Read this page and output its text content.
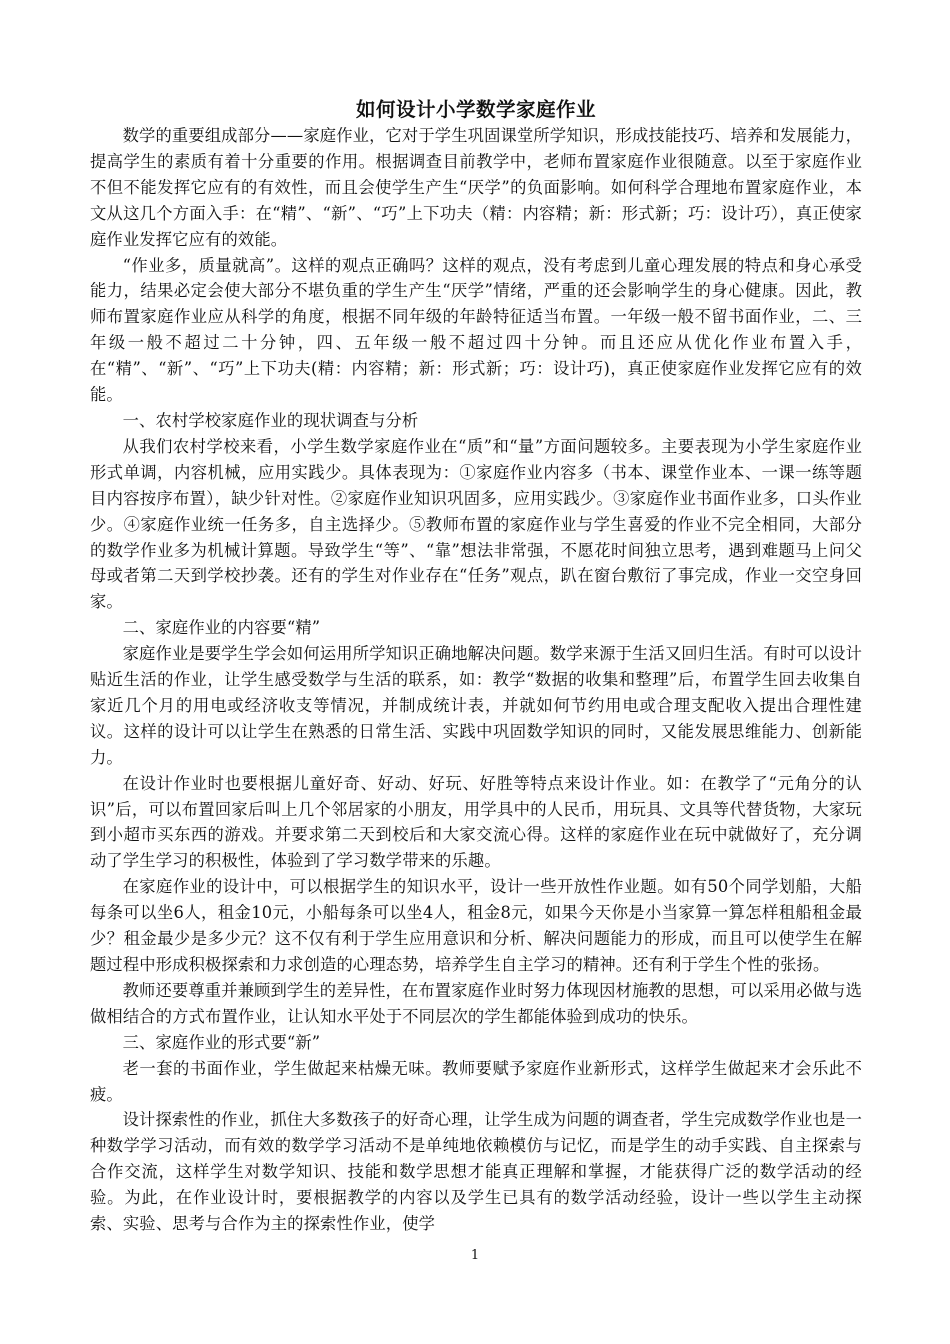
如何设计小学数学家庭作业

数学的重要组成部分——家庭作业，它对于学生巩固课堂所学知识，形成技能技巧、培养和发展能力，提高学生的素质有着十分重要的作用。根据调查目前教学中，老师布置家庭作业很随意。以至于家庭作业不但不能发挥它应有的有效性，而且会使学生产生“厌学”的负面影响。如何科学合理地布置家庭作业，本文从这几个方面入手：在“精”、“新”、“巧”上下功夫（精：内容精；新：形式新；巧：设计巧），真正使家庭作业发挥它应有的效能。

“作业多，质量就高”。这样的观点正确吗？这样的观点，没有考虑到儿童心理发展的特点和身心承受能力，结果必定会使大部分不堪负重的学生产生“厌学”情绪，严重的还会影响学生的身心健康。因此，教师布置家庭作业应从科学的角度，根据不同年级的年龄特征适当布置。一年级一般不留书面作业，二、三年级一般不超过二十分钟，四、五年级一般不超过四十分钟。而且还应从优化作业布置入手，在“精”、“新”、“巧”上下功夫(精：内容精；新：形式新；巧：设计巧)，真正使家庭作业发挥它应有的效能。

一、农村学校家庭作业的现状调查与分析

从我们农村学校来看，小学生数学家庭作业在“质”和“量”方面问题较多。主要表现为小学生家庭作业形式单调，内容机械，应用实践少。具体表现为：①家庭作业内容多（书本、课堂作业本、一课一练等题目内容按序布置），缺少针对性。②家庭作业知识巩固多，应用实践少。③家庭作业书面作业多，口头作业少。④家庭作业统一任务多，自主选择少。⑤教师布置的家庭作业与学生喜爱的作业不完全相同，大部分的数学作业多为机械计算题。导致学生“等”、“靠”想法非常强，不愿花时间独立思考，遇到难题马上问父母或者第二天到学校抄袭。还有的学生对作业存在“任务”观点，趴在窗台敷衍了事完成，作业一交空身回家。

二、家庭作业的内容要“精”

家庭作业是要学生学会如何运用所学知识正确地解决问题。数学来源于生活又回归生活。有时可以设计贴近生活的作业，让学生感受数学与生活的联系，如：教学“数据的收集和整理”后，布置学生回去收集自家近几个月的用电或经济收支等情况，并制成统计表，并就如何节约用电或合理支配收入提出合理性建议。这样的设计可以让学生在熟悉的日常生活、实践中巩固数学知识的同时，又能发展思维能力、创新能力。

在设计作业时也要根据儿童好奇、好动、好玩、好胜等特点来设计作业。如：在教学了“元角分的认识”后，可以布置回家后叫上几个邻居家的小朋友，用学具中的人民币，用玩具、文具等代替货物，大家玩到小超市买东西的游戏。并要求第二天到校后和大家交流心得。这样的家庭作业在玩中就做好了，充分调动了学生学习的积极性，体验到了学习数学带来的乐趣。

在家庭作业的设计中，可以根据学生的知识水平，设计一些开放性作业题。如有50个同学划船，大船每条可以坐6人，租金10元，小船每条可以坐4人，租金8元，如果今天你是小当家算一算怎样租船租金最少？租金最少是多少元？这不仅有利于学生应用意识和分析、解决问题能力的形成，而且可以使学生在解题过程中形成积极探索和力求创造的心理态势，培养学生自主学习的精神。还有利于学生个性的张扬。

教师还要尊重并兼顾到学生的差异性，在布置家庭作业时努力体现因材施教的思想，可以采用必做与选做相结合的方式布置作业，让认知水平处于不同层次的学生都能体验到成功的快乐。

三、家庭作业的形式要“新”

老一套的书面作业，学生做起来枯燥无味。教师要赋予家庭作业新形式，这样学生做起来才会乐此不疲。

设计探索性的作业，抓住大多数孩子的好奇心理，让学生成为问题的调查者，学生完成数学作业也是一种数学学习活动，而有效的数学学习活动不是单纯地依赖模仿与记忆，而是学生的动手实践、自主探索与合作交流，这样学生对数学知识、技能和数学思想才能真正理解和掌握，才能获得广泛的数学活动的经验。为此，在作业设计时，要根据教学的内容以及学生已具有的数学活动经验，设计一些以学生主动探索、实验、思考与合作为主的探索性作业，使学

1
